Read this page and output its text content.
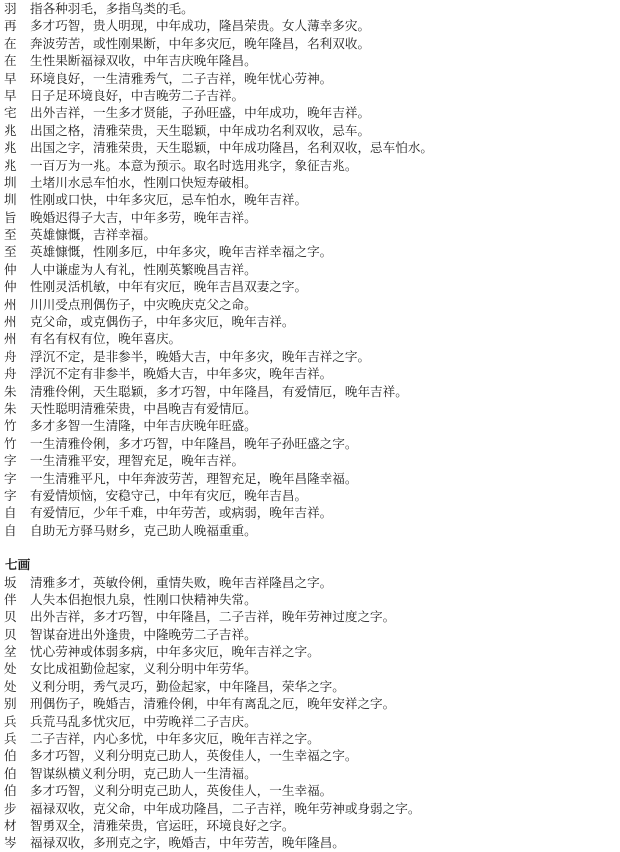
羽 指各种羽毛，多指鸟类的毛。
再 多才巧智，贵人明现，中年成功，隆昌荣贵。女人薄幸多灾。
在 奔波劳苦，或性刚果断，中年多灾厄，晚年隆昌，名利双收。
在 生性果断福禄双收，中年吉庆晚年隆昌。
早 环境良好，一生清雅秀气，二子吉祥，晚年忧心劳神。
早 日子足环境良好，中吉晚劳二子吉祥。
宅 出外吉祥，一生多才贤能，子孙旺盛，中年成功，晚年吉祥。
兆 出国之格，清雅荣贵，天生聪颖，中年成功名利双收，忌车。
兆 出国之字，清雅荣贵，天生聪颖，中年成功隆昌，名利双收，忌车怕水。
兆 一百万为一兆。本意为预示。取名时选用兆字，象征吉兆。
圳 土堵川水忌车怕水，性刚口快短寿破相。
圳 性刚或口快，中年多灾厄，忌车怕水，晚年吉祥。
旨 晚婚迟得子大吉，中年多劳，晚年吉祥。
至 英雄慷慨，吉祥幸福。
至 英雄慷慨，性刚多厄，中年多灾，晚年吉祥幸福之字。
仲 人中谦虚为人有礼，性刚英繁晚昌吉祥。
仲 性刚灵活机敏，中年有灾厄，晚年吉昌双妻之字。
州 川川受点刑偶伤子，中灾晚庆克父之命。
州 克父命，或克偶伤子，中年多灾厄，晚年吉祥。
州 有名有权有位，晚年喜庆。
舟 浮沉不定，是非参半，晚婚大吉，中年多灾，晚年吉祥之字。
舟 浮沉不定有非参半，晚婚大吉，中年多灾，晚年吉祥。
朱 清雅伶俐，天生聪颖，多才巧智，中年隆昌，有爱情厄，晚年吉祥。
朱 天性聪明清雅荣贵，中昌晚吉有爱情厄。
竹 多才多智一生清隆，中年吉庆晚年旺盛。
竹 一生清雅伶俐，多才巧智，中年隆昌，晚年子孙旺盛之字。
字 一生清雅平安，理智充足，晚年吉祥。
字 一生清雅平凡，中年奔波劳苦，理智充足，晚年昌隆幸福。
字 有爱情烦恼，安稳守己，中年有灾厄，晚年吉昌。
自 有爱情厄，少年千难，中年劳苦，或病弱，晚年吉祥。
自 自助无方驿马财乡，克己助人晚福重重。
七画
坂 清雅多才，英敏伶俐，重情失败，晚年吉祥隆昌之字。
伴 人失本侣抱恨九泉，性刚口快精神失常。
贝 出外吉祥，多才巧智，中年隆昌，二子吉祥，晚年劳神过度之字。
贝 智谋奋进出外逢贵，中隆晚劳二子吉祥。
坌 忧心劳神或体弱多病，中年多灾厄，晚年吉祥之字。
处 女比成祖勤俭起家，义利分明中年劳华。
处 义利分明，秀气灵巧，勤俭起家，中年隆昌，荣华之字。
别 刑偶伤子，晚婚吉，清雅伶俐，中年有离乱之厄，晚年安祥之字。
兵 兵荒马乱多忧灾厄，中劳晚祥二子吉庆。
兵 二子吉祥，内心多忧，中年多灾厄，晚年吉祥之字。
伯 多才巧智，义利分明克己助人，英俊佳人，一生幸福之字。
伯 智谋纵横义利分明，克己助人一生清福。
伯 多才巧智，义利分明克己助人，英俊佳人，一生幸福。
步 福禄双收，克父命，中年成功隆昌，二子吉祥，晚年劳神或身弱之字。
材 智勇双全，清雅荣贵，官运旺，环境良好之字。
岑 福禄双收，多刑克之字，晚婚吉，中年劳苦，晚年隆昌。
